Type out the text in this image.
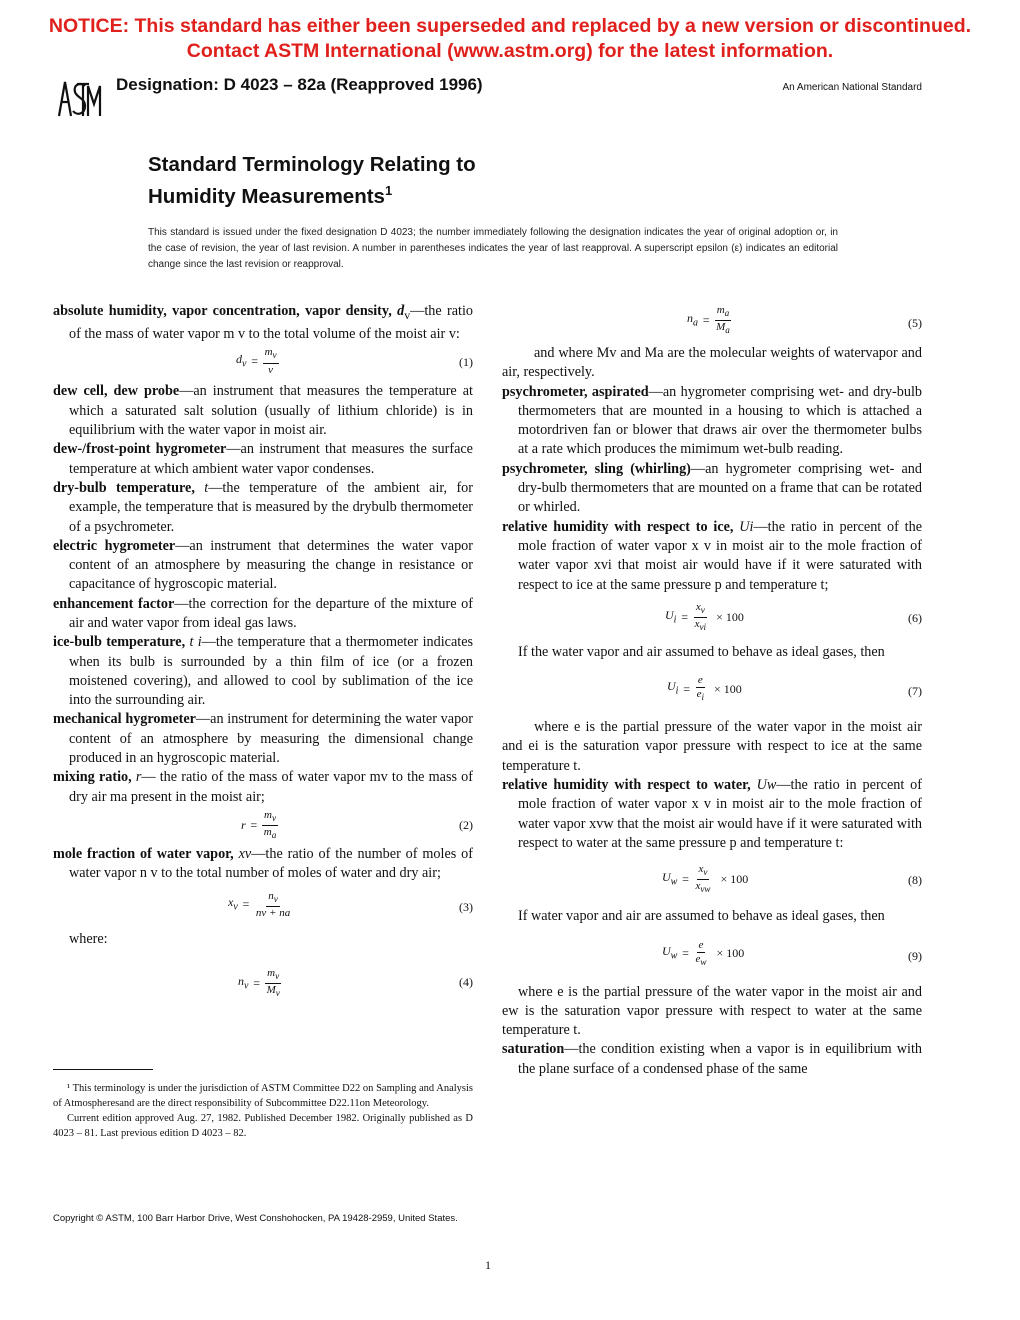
NOTICE: This standard has either been superseded and replaced by a new version or discontinued.
Contact ASTM International (www.astm.org) for the latest information.
Designation: D 4023 – 82a (Reapproved 1996)	An American National Standard
Standard Terminology Relating to
Humidity Measurements$^1$
This standard is issued under the fixed designation D 4023; the number immediately following the designation indicates the year of original adoption or, in the case of revision, the year of last revision. A number in parentheses indicates the year of last reapproval. A superscript epsilon (ε) indicates an editorial change since the last revision or reapproval.

absolute humidity, vapor concentration, vapor density, $d_v—the$ ratio of the mass of water vapor m v to the total volume of the moist air v:

$d_v = \frac{m_v}{v}$	(1)

dew cell, dew probe—an instrument that measures the temperature at which a saturated salt solution (usually of lithium chloride) is in equilibrium with the water vapor in moist air.

dew-/frost-point hygrometer—an instrument that measures the surface temperature at which ambient water vapor condenses.

dry-bulb temperature, t—the temperature of the ambient air, for example, the temperature that is measured by the drybulb thermometer of a psychrometer.

electric hygrometer—an instrument that determines the water vapor content of an atmosphere by measuring the change in resistance or capacitance of hygroscopic material.

enhancement factor—the correction for the departure of the mixture of air and water vapor from ideal gas laws.

ice-bulb temperature, t i—the temperature that a thermometer indicates when its bulb is surrounded by a thin film of ice (or a frozen moistened covering), and allowed to cool by sublimation of the ice into the surrounding air.

mechanical hygrometer—an instrument for determining the water vapor content of an atmosphere by measuring the dimensional change produced in an hygroscopic material.

mixing ratio, r— the ratio of the mass of water vapor mv to the mass of dry air ma present in the moist air;

$r = \frac{m_v}{m_a}$	(2)

mole fraction of water vapor, xv—the ratio of the number of moles of water vapor n v to the total number of moles of water and dry air;

$x_v = \frac{n_v}{nv + na}$	(3)

where:

$n_v = \frac{m_v}{M_v}$	(4)
$n_a = \frac{m_a}{M_a}$	(5)

and where Mv and Ma are the molecular weights of watervapor and air, respectively.

psychrometer, aspirated—an hygrometer comprising wet- and dry-bulb thermometers that are mounted in a housing to which is attached a motordriven fan or blower that draws air over the thermometer bulbs at a rate which produces the mimimum wet-bulb reading.

psychrometer, sling (whirling)—an hygrometer comprising wet- and dry-bulb thermometers that are mounted on a frame that can be rotated or whirled.

relative humidity with respect to ice, Ui—the ratio in percent of the mole fraction of water vapor x v in moist air to the mole fraction of water vapor xvi that moist air would have if it were saturated with respect to ice at the same pressure p and temperature t;

$U_i = \frac{x_v}{x_{vi}} \times 100$	(6)

If the water vapor and air assumed to behave as ideal gases, then

$U_i = \frac{e}{e_i} \times 100$	(7)

where e is the partial pressure of the water vapor in the moist air and ei is the saturation vapor pressure with respect to ice at the same temperature t.

relative humidity with respect to water, Uw—the ratio in percent of mole fraction of water vapor x v in moist air to the mole fraction of water vapor xvw that the moist air would have if it were saturated with respect to water at the same pressure p and temperature t:

$U_w = \frac{x_v}{x_{vw}} \times 100$	(8)

If water vapor and air are assumed to behave as ideal gases, then

$U_w = \frac{e}{e_w} \times 100$	(9)

where e is the partial pressure of the water vapor in the moist air and ew is the saturation vapor pressure with respect to water at the same temperature t.

saturation—the condition existing when a vapor is in equilibrium with the plane surface of a condensed phase of the same

¹ This terminology is under the jurisdiction of ASTM Committee D22 on Sampling and Analysis of Atmospheresand are the direct responsibility of Subcommittee D22.11on Meteorology.

Current edition approved Aug. 27, 1982. Published December 1982. Originally published as D 4023 – 81. Last previous edition D 4023 – 82.

Copyright © ASTM, 100 Barr Harbor Drive, West Conshohocken, PA 19428-2959, United States.
1
